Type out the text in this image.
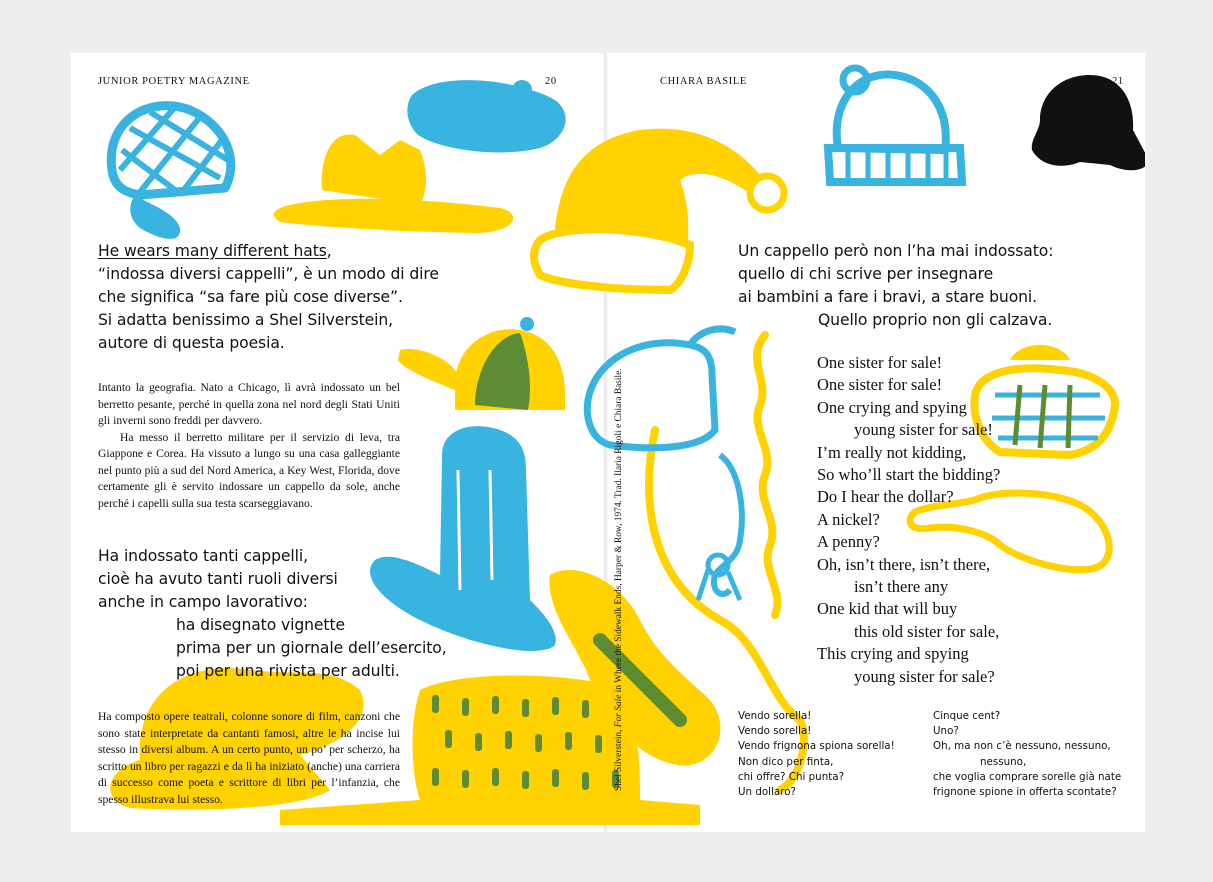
JUNIOR POETRY MAGAZINE	20

He wears many different hats,
“indossa diversi cappelli”, è un modo di dire
che significa “sa fare più cose diverse”.
Si adatta benissimo a Shel Silverstein,
autore di questa poesia.

Intanto la geografia. Nato a Chicago, lì avrà indossato un bel berretto pesante, perché in quella zona nel nord degli Stati Uniti gli inverni sono freddi per davvero.

Ha messo il berretto militare per il servizio di leva, tra Giappone e Corea. Ha vissuto a lungo su una casa galleggiante nel punto più a sud del Nord America, a Key West, Florida, dove certamente gli è servito indossare un cappello da sole, anche perché i capelli sulla sua testa scarseggiavano.

Ha indossato tanti cappelli,
cioè ha avuto tanti ruoli diversi
anche in campo lavorativo:
ha disegnato vignette
prima per un giornale dell’esercito,
poi per una rivista per adulti.

Ha composto opere teatrali, colonne sonore di film, canzoni che sono state interpretate da cantanti famosi, altre le ha incise lui stesso in diversi album. A un certo punto, un po’ per scherzo, ha scritto un libro per ragazzi e da lì ha iniziato (anche) una carriera di successo come poeta e scrittore di libri per l’infanzia, che spesso illustrava lui stesso.

CHIARA BASILE	21

Un cappello però non l’ha mai indossato:
quello di chi scrive per insegnare
ai bambini a fare i bravi, a stare buoni.
Quello proprio non gli calzava.
One sister for sale!
One sister for sale!
One crying and spying
young sister for sale!
I’m really not kidding,
So who’ll start the bidding?
Do I hear the dollar?
A nickel?
A penny?
Oh, isn’t there, isn’t there,
isn’t there any
One kid that will buy
this old sister for sale,
This crying and spying
young sister for sale?
Vendo sorella!
Vendo sorella!
Vendo frignona spiona sorella!
Non dico per finta,
chi offre? Chi punta?
Un dollaro?
Cinque cent?
Uno?
Oh, ma non c’è nessuno, nessuno,
nessuno,
che voglia comprare sorelle già nate
frignone spione in offerta scontate?

Shel Silverstein, For Sale in Where the Sidewalk Ends, Harper & Row, 1974. Trad. Ilaria Rigoli e Chiara Basile.
